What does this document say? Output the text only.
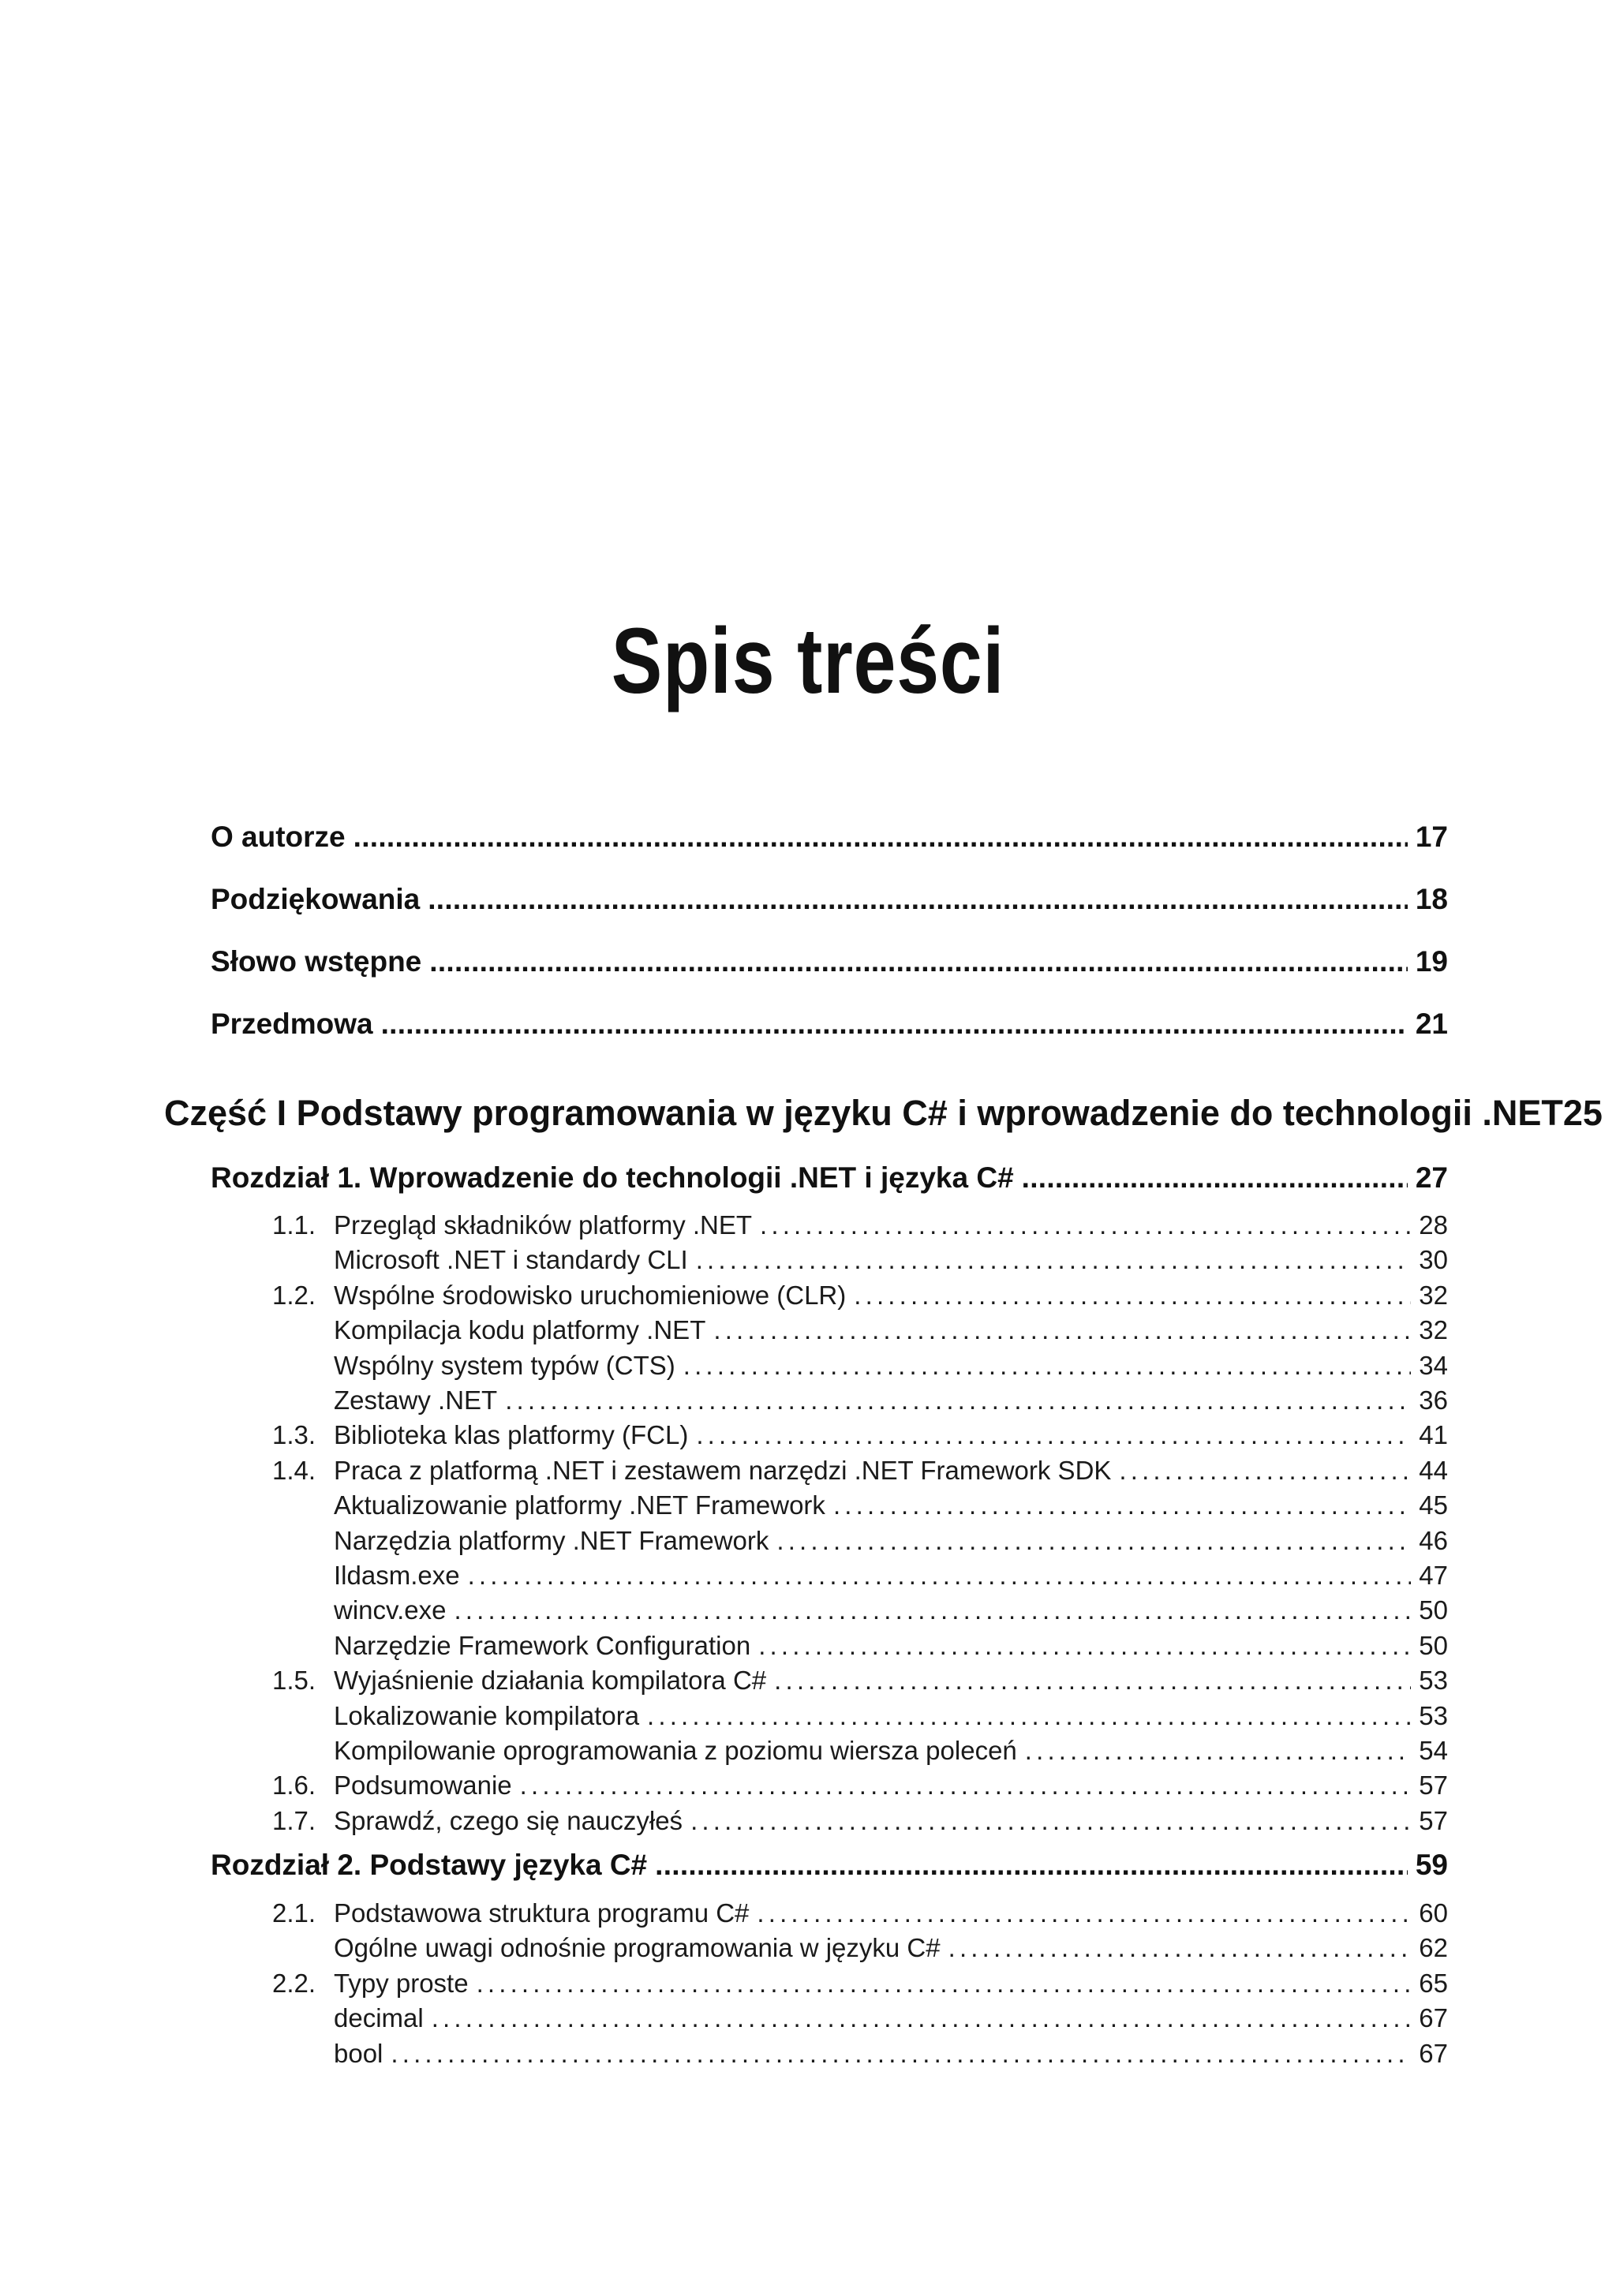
Spis treści
O autorze . . .	17
Podziękowania . . .	18
Słowo wstępne . . .	19
Przedmowa . . .	21
Część I Podstawy programowania w języku C# i wprowadzenie do technologii .NET 25
Rozdział 1. Wprowadzenie do technologii .NET i języka C# . . .	27
1.1. Przegląd składników platformy .NET . . .	28
Microsoft .NET i standardy CLI . . .	30
1.2. Wspólne środowisko uruchomieniowe (CLR) . . .	32
Kompilacja kodu platformy .NET . . .	32
Wspólny system typów (CTS) . . .	34
Zestawy .NET . . .	36
1.3. Biblioteka klas platformy (FCL) . . .	41
1.4. Praca z platformą .NET i zestawem narzędzi .NET Framework SDK . . .	44
Aktualizowanie platformy .NET Framework . . .	45
Narzędzia platformy .NET Framework . . .	46
Ildasm.exe . . .	47
wincv.exe . . .	50
Narzędzie Framework Configuration . . .	50
1.5. Wyjaśnienie działania kompilatora C# . . .	53
Lokalizowanie kompilatora . . .	53
Kompilowanie oprogramowania z poziomu wiersza poleceń . . .	54
1.6. Podsumowanie . . .	57
1.7. Sprawdź, czego się nauczyłeś . . .	57
Rozdział 2. Podstawy języka C# . . .	59
2.1. Podstawowa struktura programu C# . . .	60
Ogólne uwagi odnośnie programowania w języku C# . . .	62
2.2. Typy proste . . .	65
decimal . . .	67
bool . . .	67
